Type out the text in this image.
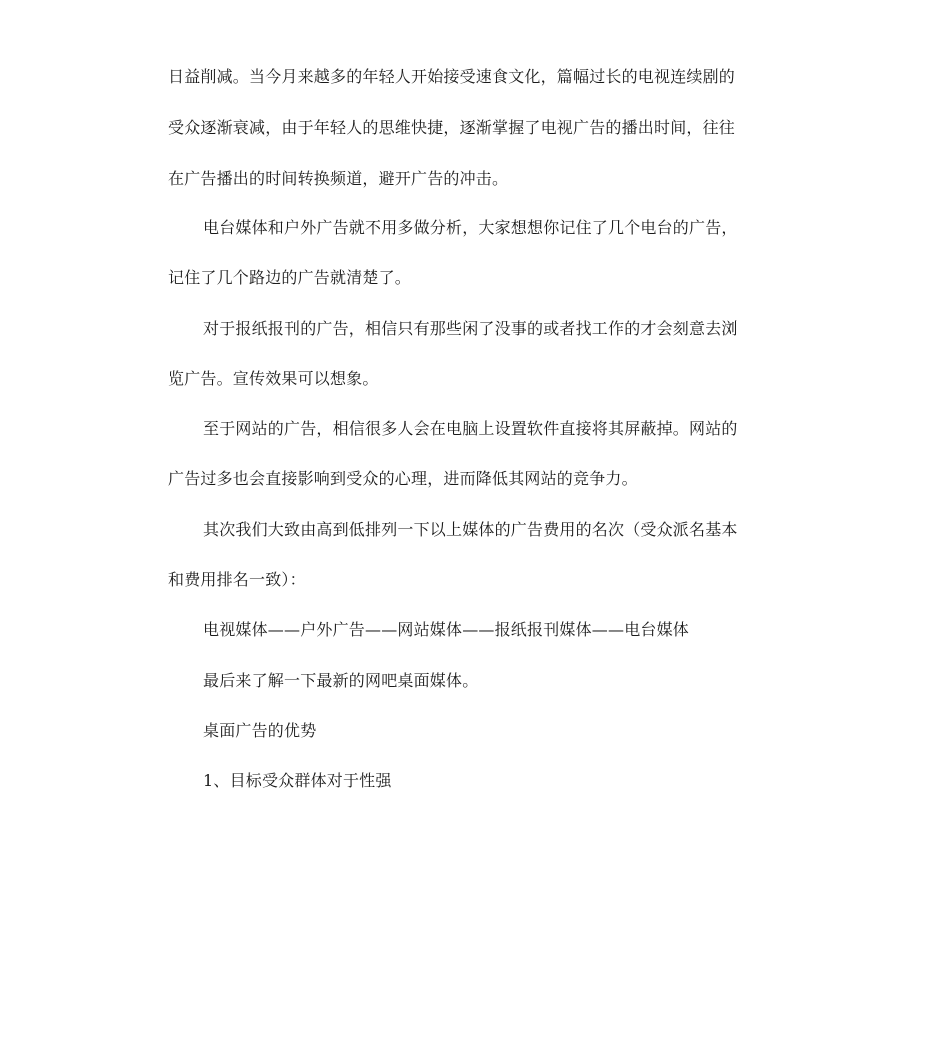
日益削减。当今月来越多的年轻人开始接受速食文化，篇幅过长的电视连续剧的
受众逐渐衰减，由于年轻人的思维快捷，逐渐掌握了电视广告的播出时间，往往
在广告播出的时间转换频道，避开广告的冲击。
电台媒体和户外广告就不用多做分析，大家想想你记住了几个电台的广告，
记住了几个路边的广告就清楚了。
对于报纸报刊的广告，相信只有那些闲了没事的或者找工作的才会刻意去浏
览广告。宣传效果可以想象。
至于网站的广告，相信很多人会在电脑上设置软件直接将其屏蔽掉。网站的
广告过多也会直接影响到受众的心理，进而降低其网站的竞争力。
其次我们大致由高到低排列一下以上媒体的广告费用的名次（受众派名基本
和费用排名一致）：
电视媒体——户外广告——网站媒体——报纸报刊媒体——电台媒体
最后来了解一下最新的网吧桌面媒体。
桌面广告的优势
1、目标受众群体对于性强
